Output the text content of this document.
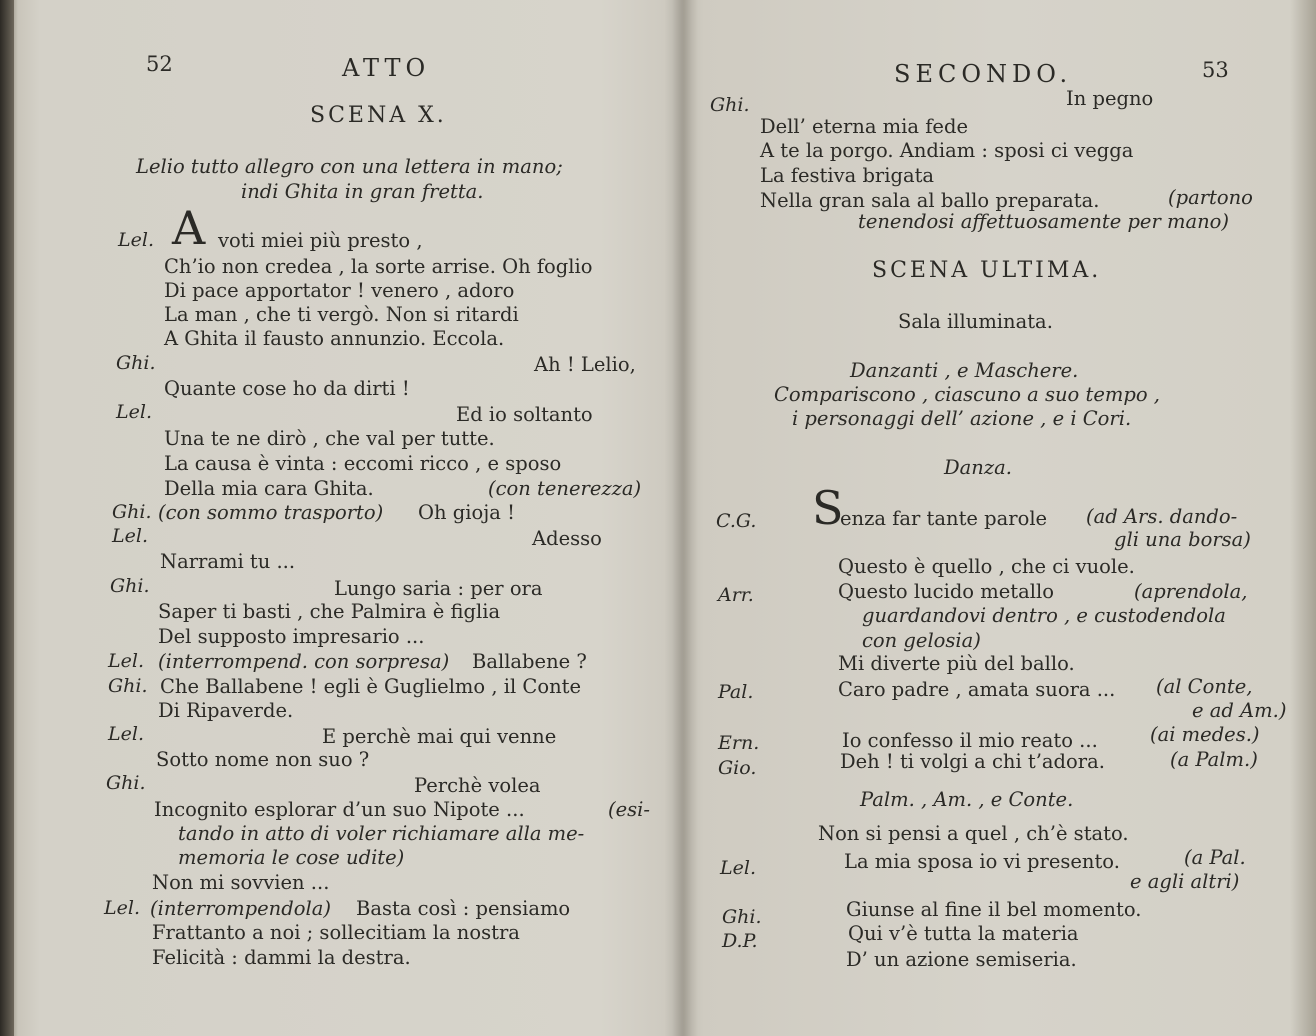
52	ATTO
SCENA X.
Lelio tutto allegro con una lettera in mano;
indi Ghita in gran fretta.
Lel. A voti miei più presto ,
Ch’io non credea , la sorte arrise. Oh foglio
Di pace apportator ! venero , adoro
La man , che ti vergò. Non si ritardi
A Ghita il fausto annunzio. Eccola.
Ghi.	Ah ! Lelio,
Quante cose ho da dirti !
Lel.	Ed io soltanto
Una te ne dirò , che val per tutte.
La causa è vinta : eccomi ricco , e sposo
Della mia cara Ghita.	(con tenerezza)
Ghi. (con sommo trasporto) Oh gioja !
Lel.	Adesso
Narrami tu ...
Ghi.	Lungo saria : per ora
Saper ti basti , che Palmira è figlia
Del supposto impresario ...
Lel. (interrompend. con sorpresa) Ballabene ?
Ghi. Che Ballabene ! egli è Guglielmo , il Conte
Di Ripaverde.
Lel.	E perchè mai qui venne
Sotto nome non suo ?
Ghi.	Perchè volea
Incognito esplorar d’un suo Nipote ...	(esi-
tando in atto di voler richiamare alla me-
memoria le cose udite)
Non mi sovvien ...
Lel. (interrompendola) Basta così : pensiamo
Frattanto a noi ; sollecitiam la nostra
Felicità : dammi la destra.
SECONDO.	53
Ghi.	In pegno
Dell’ eterna mia fede
A te la porgo. Andiam : sposi ci vegga
La festiva brigata
Nella gran sala al ballo preparata.	(partono
tenendosi affettuosamente per mano)
SCENA ULTIMA.
Sala illuminata.
Danzanti , e Maschere.
Compariscono , ciascuno a suo tempo ,
i personaggi dell’ azione , e i Cori.
Danza.
C.G. S
enza far tante parole (ad Ars. dando-
gli una borsa)
Questo è quello , che ci vuole.
Arr.	Questo lucido metallo	(aprendola,
guardandovi dentro , e custodendola
con gelosia)
Mi diverte più del ballo.
Pal.	Caro padre , amata suora ... (al Conte,
e ad Am.)
Ern.	Io confesso il mio reato ...	(ai medes.)
Gio.	Deh ! ti volgi a chi t’adora.	(a Palm.)
Palm. , Am. , e Conte.
Non si pensi a quel , ch’è stato.
Lel.	La mia sposa io vi presento.	(a Pal.
e agli altri)
Ghi.	Giunse al fine il bel momento.
D.P.	Qui v’è tutta la materia
D’ un azione semiseria.
